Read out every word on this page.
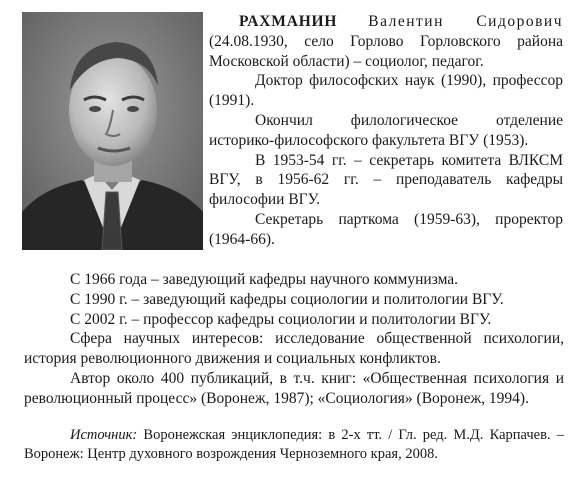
РАХМАНИН Валентин Сидорович (24.08.1930, село Горлово Горловского района Московской области) – социолог, педагог.

Доктор философских наук (1990), профессор (1991).

Окончил филологическое отделение историко-философского факультета ВГУ (1953).

В 1953-54 гг. – секретарь комитета ВЛКСМ ВГУ, в 1956-62 гг. – преподаватель кафедры философии ВГУ.

Секретарь парткома (1959-63), проректор (1964-66).

С 1966 года – заведующий кафедры научного коммунизма.

С 1990 г. – заведующий кафедры социологии и политологии ВГУ.

С 2002 г. – профессор кафедры социологии и политологии ВГУ.

Сфера научных интересов: исследование общественной психологии, история революционного движения и социальных конфликтов.

Автор около 400 публикаций, в т.ч. книг: «Общественная психология и революционный процесс» (Воронеж, 1987); «Социология» (Воронеж, 1994).

Источник: Воронежская энциклопедия: в 2-х тт. / Гл. ред. М.Д. Карпачев. – Воронеж: Центр духовного возрождения Черноземного края, 2008.
